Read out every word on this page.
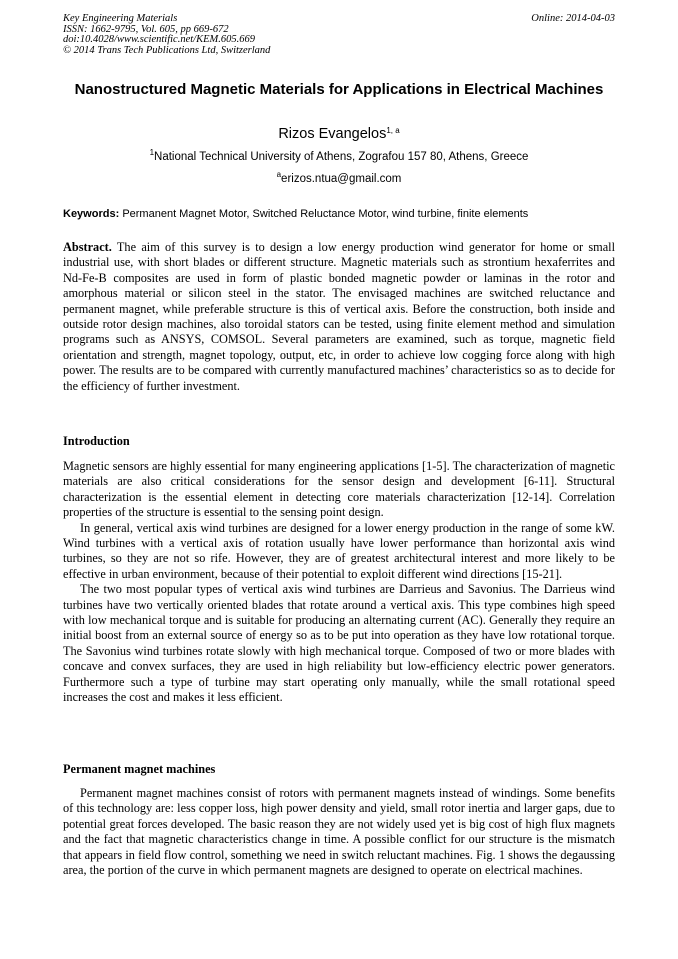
Key Engineering Materials
ISSN: 1662-9795, Vol. 605, pp 669-672
doi:10.4028/www.scientific.net/KEM.605.669
© 2014 Trans Tech Publications Ltd, Switzerland
Online: 2014-04-03
Nanostructured Magnetic Materials for Applications in Electrical Machines
Rizos Evangelos$^{1, a}$
$^1$National Technical University of Athens, Zografou 157 80, Athens, Greece
$^a$erizos.ntua@gmail.com
Keywords: Permanent Magnet Motor, Switched Reluctance Motor, wind turbine, finite elements
Abstract. The aim of this survey is to design a low energy production wind generator for home or small industrial use, with short blades or different structure. Magnetic materials such as strontium hexaferrites and Nd-Fe-B composites are used in form of plastic bonded magnetic powder or laminas in the rotor and amorphous material or silicon steel in the stator. The envisaged machines are switched reluctance and permanent magnet, while preferable structure is this of vertical axis. Before the construction, both inside and outside rotor design machines, also toroidal stators can be tested, using finite element method and simulation programs such as ANSYS, COMSOL. Several parameters are examined, such as torque, magnetic field orientation and strength, magnet topology, output, etc, in order to achieve low cogging force along with high power. The results are to be compared with currently manufactured machines’ characteristics so as to decide for the efficiency of further investment.
Introduction

Magnetic sensors are highly essential for many engineering applications [1-5]. The characterization of magnetic materials are also critical considerations for the sensor design and development [6-11]. Structural characterization is the essential element in detecting core materials characterization [12-14]. Correlation properties of the structure is essential to the sensing point design.

In general, vertical axis wind turbines are designed for a lower energy production in the range of some kW. Wind turbines with a vertical axis of rotation usually have lower performance than horizontal axis wind turbines, so they are not so rife. However, they are of greatest architectural interest and more likely to be effective in urban environment, because of their potential to exploit different wind directions [15-21].

The two most popular types of vertical axis wind turbines are Darrieus and Savonius. The Darrieus wind turbines have two vertically oriented blades that rotate around a vertical axis. This type combines high speed with low mechanical torque and is suitable for producing an alternating current (AC). Generally they require an initial boost from an external source of energy so as to be put into operation as they have low rotational torque. The Savonius wind turbines rotate slowly with high mechanical torque. Composed of two or more blades with concave and convex surfaces, they are used in high reliability but low-efficiency electric power generators. Furthermore such a type of turbine may start operating only manually, while the small rotational speed increases the cost and makes it less efficient.

Permanent magnet machines

Permanent magnet machines consist of rotors with permanent magnets instead of windings. Some benefits of this technology are: less copper loss, high power density and yield, small rotor inertia and larger gaps, due to potential great forces developed. The basic reason they are not widely used yet is big cost of high flux magnets and the fact that magnetic characteristics change in time. A possible conflict for our structure is the mismatch that appears in field flow control, something we need in switch reluctant machines. Fig. 1 shows the degaussing area, the portion of the curve in which permanent magnets are designed to operate on electrical machines.
